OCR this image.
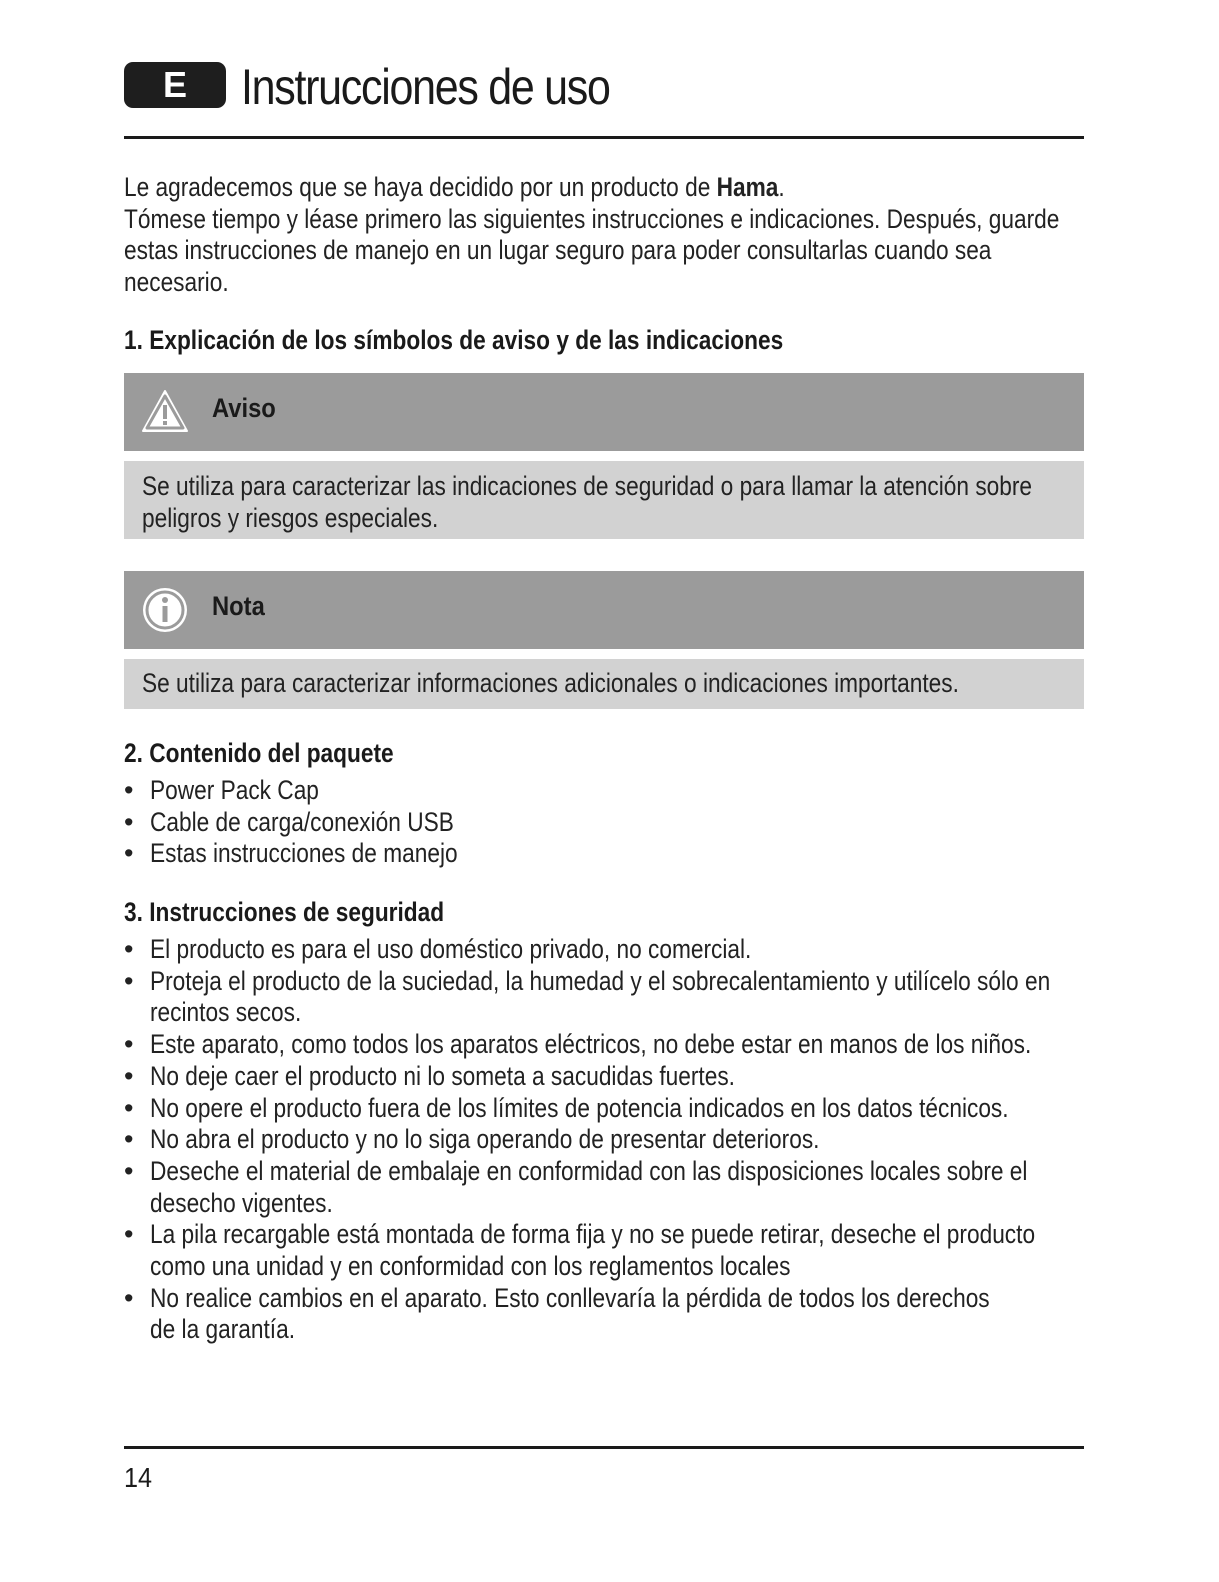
E	Instrucciones de uso
Le agradecemos que se haya decidido por un producto de Hama.
Tómese tiempo y léase primero las siguientes instrucciones e indicaciones. Después, guarde
estas instrucciones de manejo en un lugar seguro para poder consultarlas cuando sea
necesario.
1. Explicación de los símbolos de aviso y de las indicaciones
Aviso
Se utiliza para caracterizar las indicaciones de seguridad o para llamar la atención sobre
peligros y riesgos especiales.
Nota
Se utiliza para caracterizar informaciones adicionales o indicaciones importantes.
2. Contenido del paquete
• Power Pack Cap
• Cable de carga/conexión USB
• Estas instrucciones de manejo
3. Instrucciones de seguridad
• El producto es para el uso doméstico privado, no comercial.
• Proteja el producto de la suciedad, la humedad y el sobrecalentamiento y utilícelo sólo en
recintos secos.
• Este aparato, como todos los aparatos eléctricos, no debe estar en manos de los niños.
• No deje caer el producto ni lo someta a sacudidas fuertes.
• No opere el producto fuera de los límites de potencia indicados en los datos técnicos.
• No abra el producto y no lo siga operando de presentar deterioros.
• Deseche el material de embalaje en conformidad con las disposiciones locales sobre el
desecho vigentes.
• La pila recargable está montada de forma fija y no se puede retirar, deseche el producto
como una unidad y en conformidad con los reglamentos locales
• No realice cambios en el aparato. Esto conllevaría la pérdida de todos los derechos
de la garantía.
14
